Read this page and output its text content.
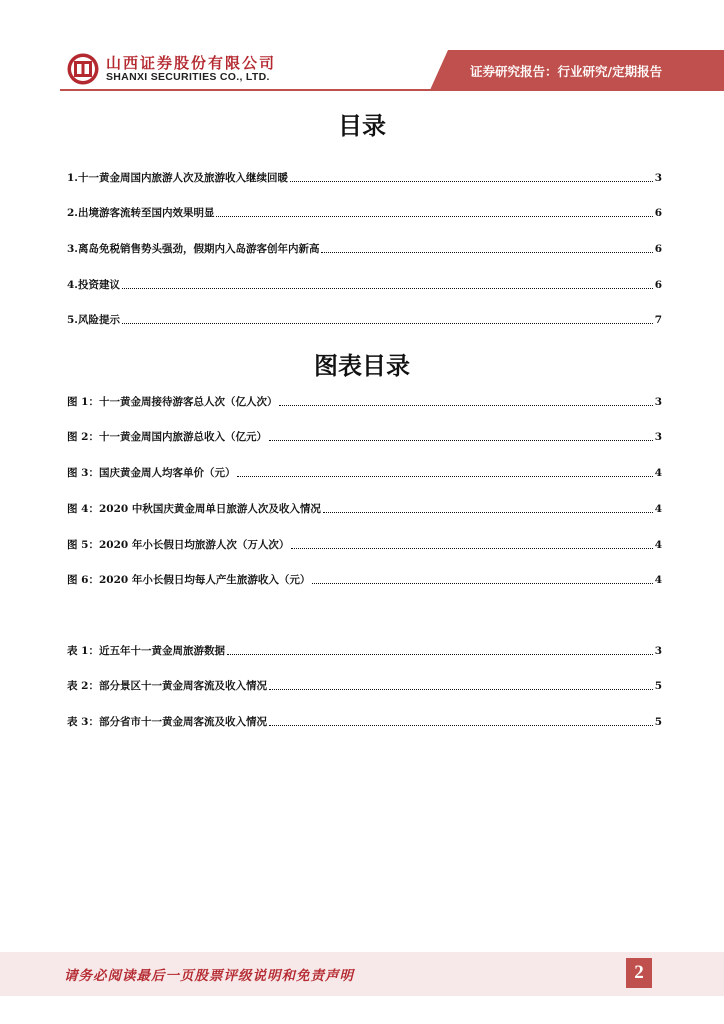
山西证券股份有限公司
SHANXI SECURITIES CO., LTD.	证券研究报告：行业研究/定期报告
目录
1.十一黄金周国内旅游人次及旅游收入继续回暖	3
2.出境游客流转至国内效果明显	6
3.离岛免税销售势头强劲，假期内入岛游客创年内新高	6
4.投资建议	6
5.风险提示	7
图表目录
图 1：十一黄金周接待游客总人次（亿人次）	3
图 2：十一黄金周国内旅游总收入（亿元）	3
图 3：国庆黄金周人均客单价（元）	4
图 4：2020 中秋国庆黄金周单日旅游人次及收入情况	4
图 5：2020 年小长假日均旅游人次（万人次）	4
图 6：2020 年小长假日均每人产生旅游收入（元）	4
表 1：近五年十一黄金周旅游数据	3
表 2：部分景区十一黄金周客流及收入情况	5
表 3：部分省市十一黄金周客流及收入情况	5
请务必阅读最后一页股票评级说明和免责声明	2
